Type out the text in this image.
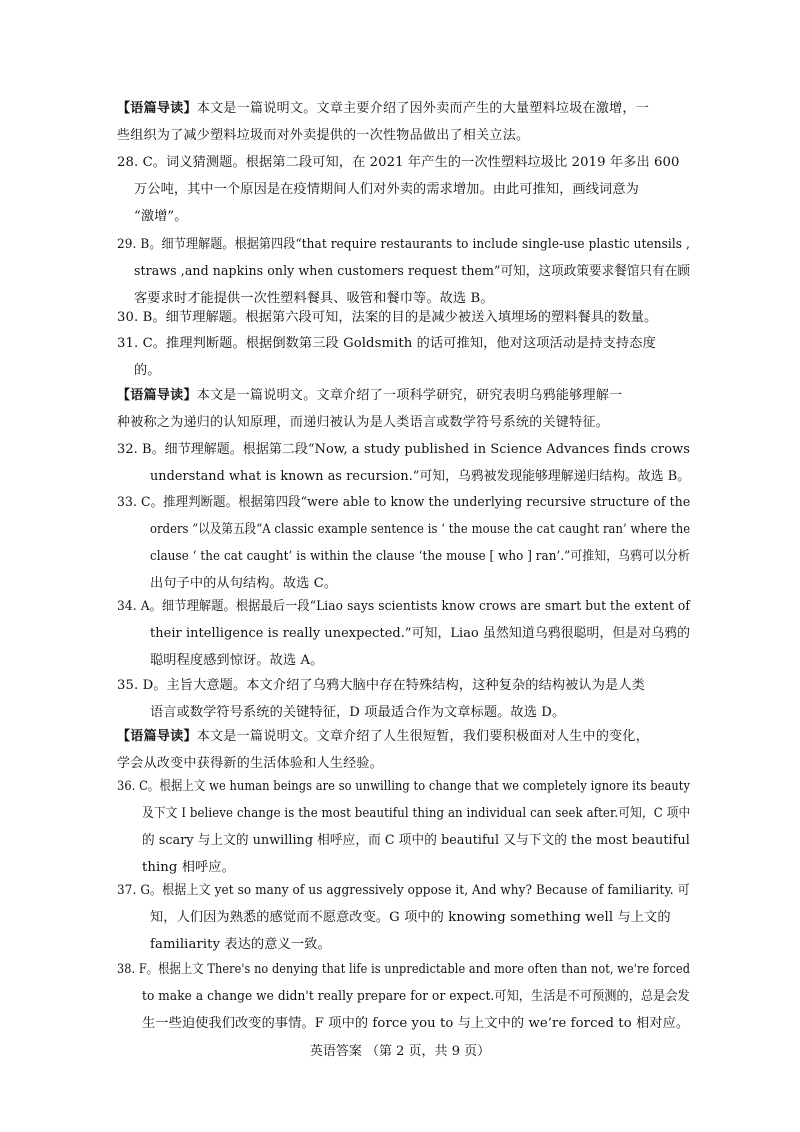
【语篇导读】本文是一篇说明文。文章主要介绍了因外卖而产生的大量塑料垃圾在激增，一
些组织为了减少塑料垃圾而对外卖提供的一次性物品做出了相关立法。
28. C。词义猜测题。根据第二段可知，在 2021 年产生的一次性塑料垃圾比 2019 年多出 600
万公吨，其中一个原因是在疫情期间人们对外卖的需求增加。由此可推知，画线词意为
“激增”。
29. B。细节理解题。根据第四段“that require restaurants to include single-use plastic utensils ,
straws ,and napkins only when customers request them”可知，这项政策要求餐馆只有在顾
客要求时才能提供一次性塑料餐具、吸管和餐巾等。故选 B。
30. B。细节理解题。根据第六段可知，法案的目的是减少被送入填埋场的塑料餐具的数量。
31. C。推理判断题。根据倒数第三段 Goldsmith 的话可推知，他对这项活动是持支持态度
的。
【语篇导读】本文是一篇说明文。文章介绍了一项科学研究，研究表明乌鸦能够理解一
种被称之为递归的认知原理，而递归被认为是人类语言或数学符号系统的关键特征。
32. B。细节理解题。根据第二段“Now, a study published in Science Advances finds crows
understand what is known as recursion.”可知，乌鸦被发现能够理解递归结构。故选 B。
33. C。推理判断题。根据第四段“were able to know the underlying recursive structure of the
orders ”以及第五段“A classic example sentence is ‘ the mouse the cat caught ran’ where the
clause ‘ the cat caught’ is within the clause ‘the mouse [ who ] ran’.”可推知，乌鸦可以分析
出句子中的从句结构。故选 C。
34. A。细节理解题。根据最后一段“Liao says scientists know crows are smart but the extent of
their intelligence is really unexpected.”可知，Liao 虽然知道乌鸦很聪明，但是对乌鸦的
聪明程度感到惊讶。故选 A。
35. D。主旨大意题。本文介绍了乌鸦大脑中存在特殊结构，这种复杂的结构被认为是人类
语言或数学符号系统的关键特征，D 项最适合作为文章标题。故选 D。
【语篇导读】本文是一篇说明文。文章介绍了人生很短暂，我们要积极面对人生中的变化，
学会从改变中获得新的生活体验和人生经验。
36. C。根据上文 we human beings are so unwilling to change that we completely ignore its beauty
及下文 I believe change is the most beautiful thing an individual can seek after.可知，C 项中
的 scary 与上文的 unwilling 相呼应，而 C 项中的 beautiful 又与下文的 the most beautiful
thing 相呼应。
37. G。根据上文 yet so many of us aggressively oppose it, And why? Because of familiarity. 可
知，人们因为熟悉的感觉而不愿意改变。G 项中的 knowing something well 与上文的
familiarity 表达的意义一致。
38. F。根据上文 There's no denying that life is unpredictable and more often than not, we're forced
to make a change we didn't really prepare for or expect.可知，生活是不可预测的，总是会发
生一些迫使我们改变的事情。F 项中的 force you to 与上文中的 we’re forced to 相对应。
英语答案 （第 2 页，共 9 页）
